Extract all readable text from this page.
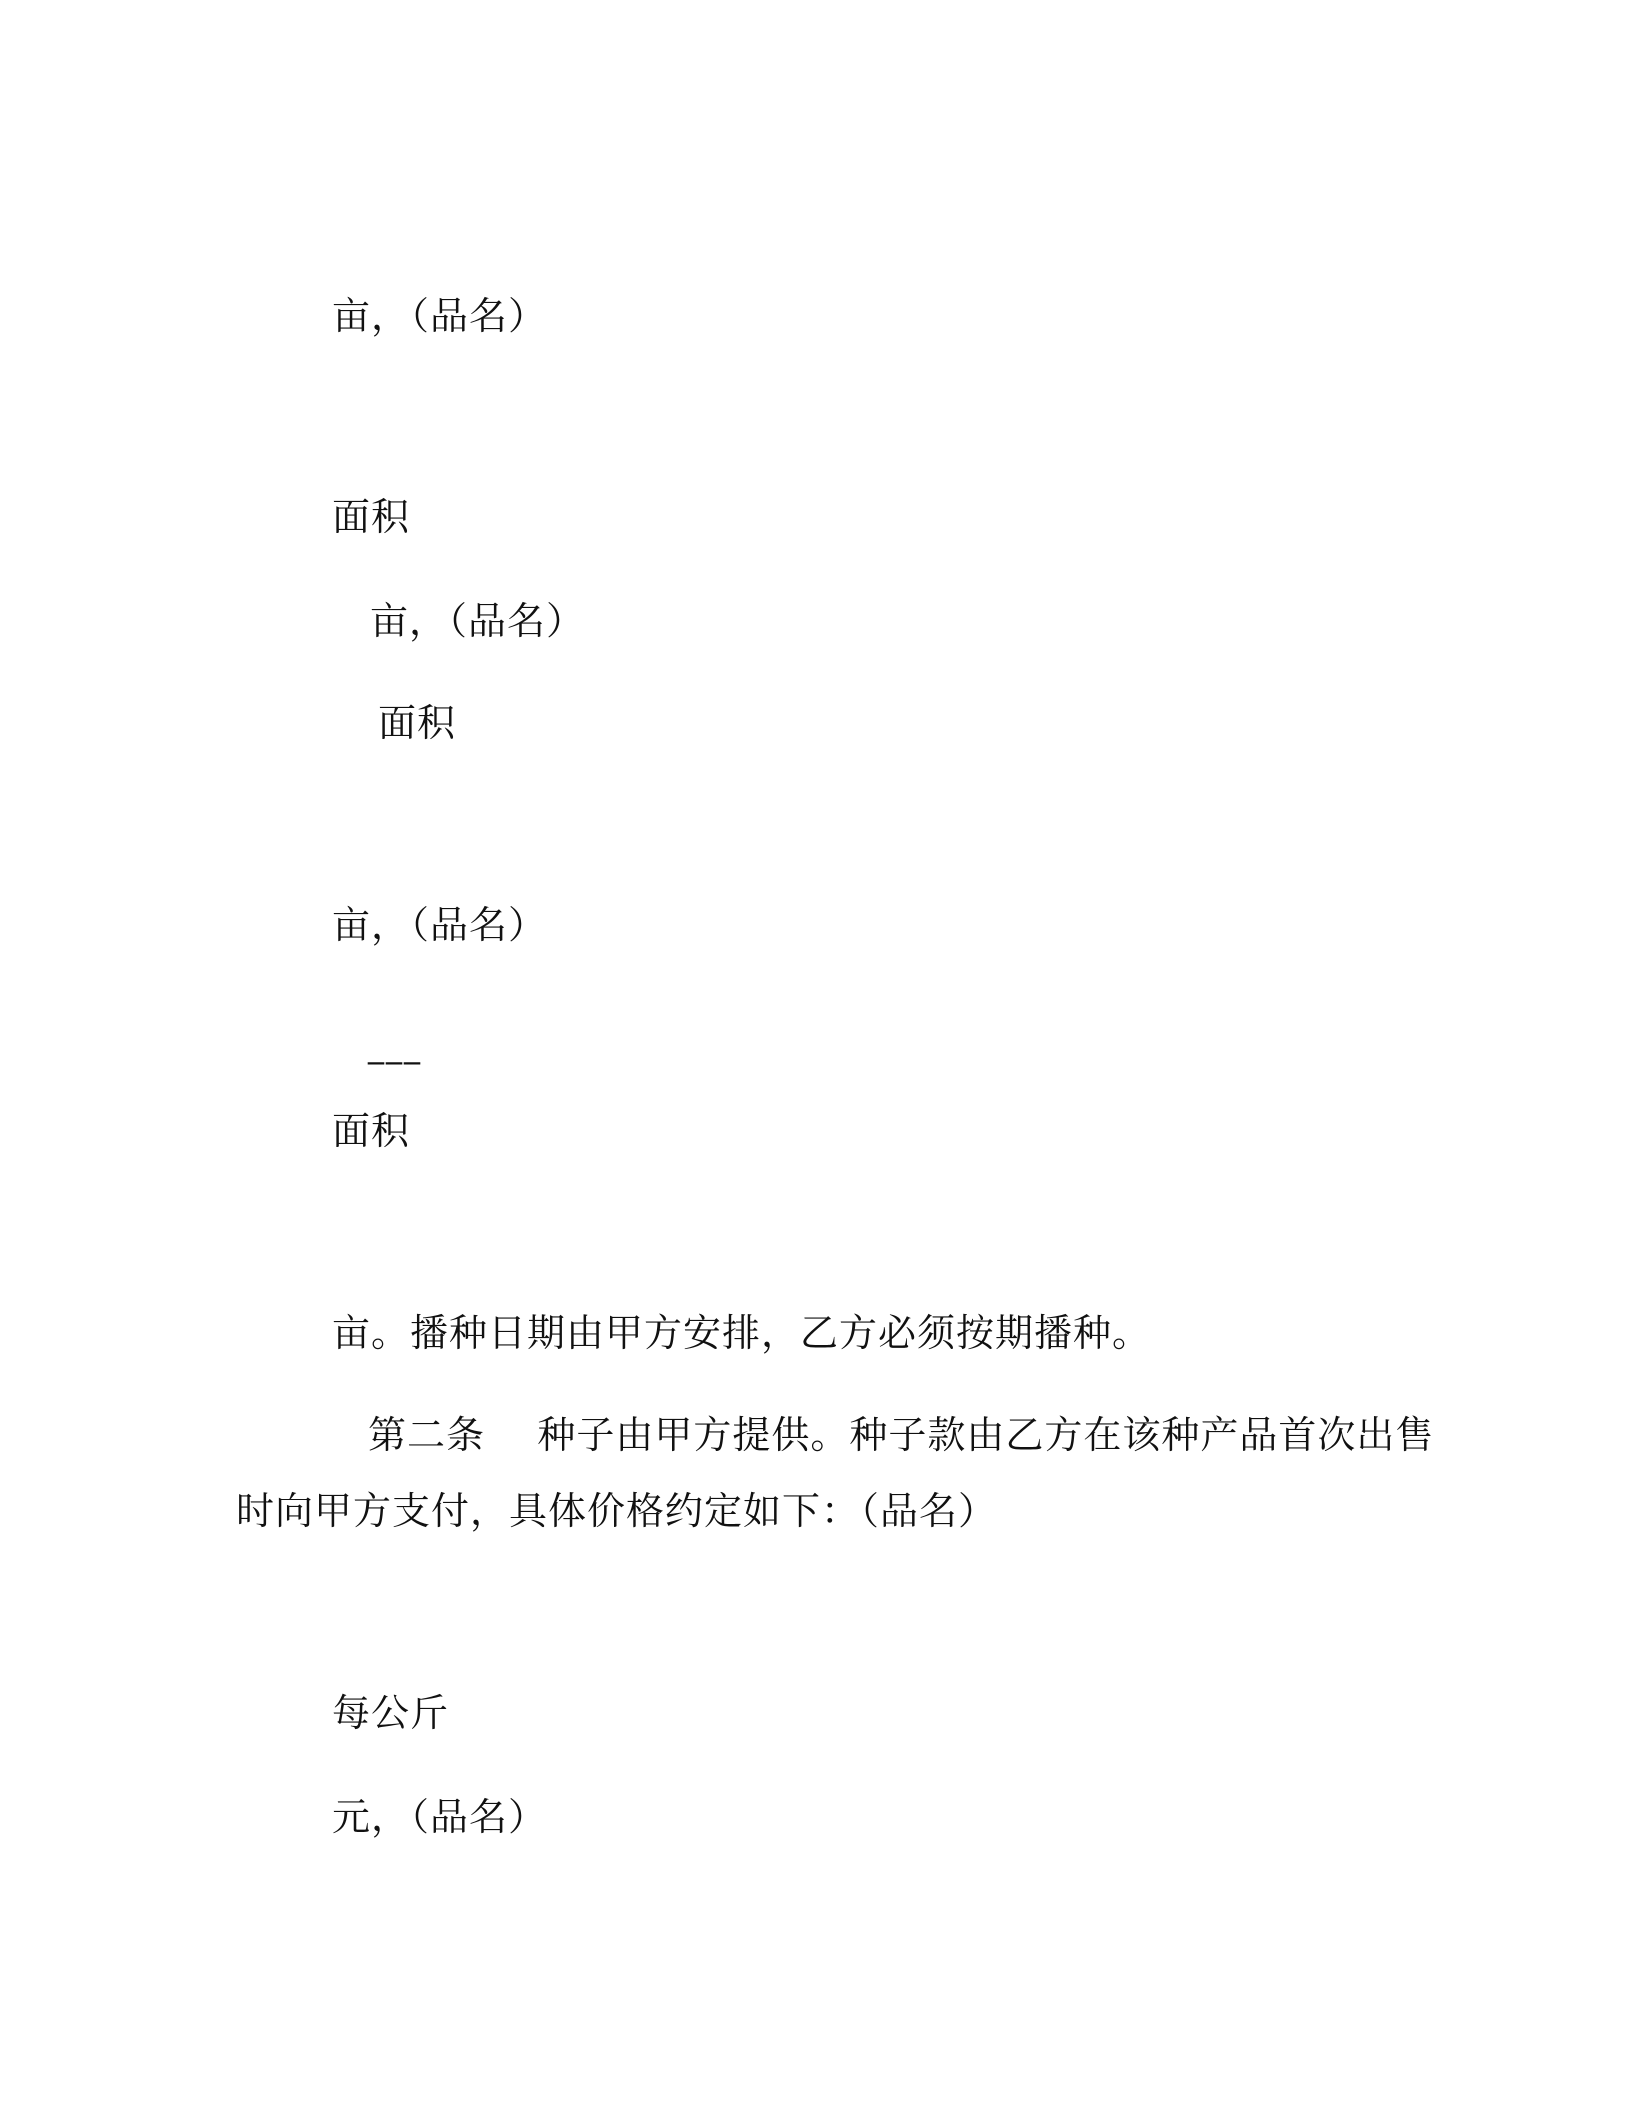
亩，（品名）
面积
亩，（品名）
面积
亩，（品名）
___
面积
亩。播种日期由甲方安排，乙方必须按期播种。
第二条    种子由甲方提供。种子款由乙方在该种产品首次出售
时向甲方支付，具体价格约定如下：（品名）
每公斤
元，（品名）
